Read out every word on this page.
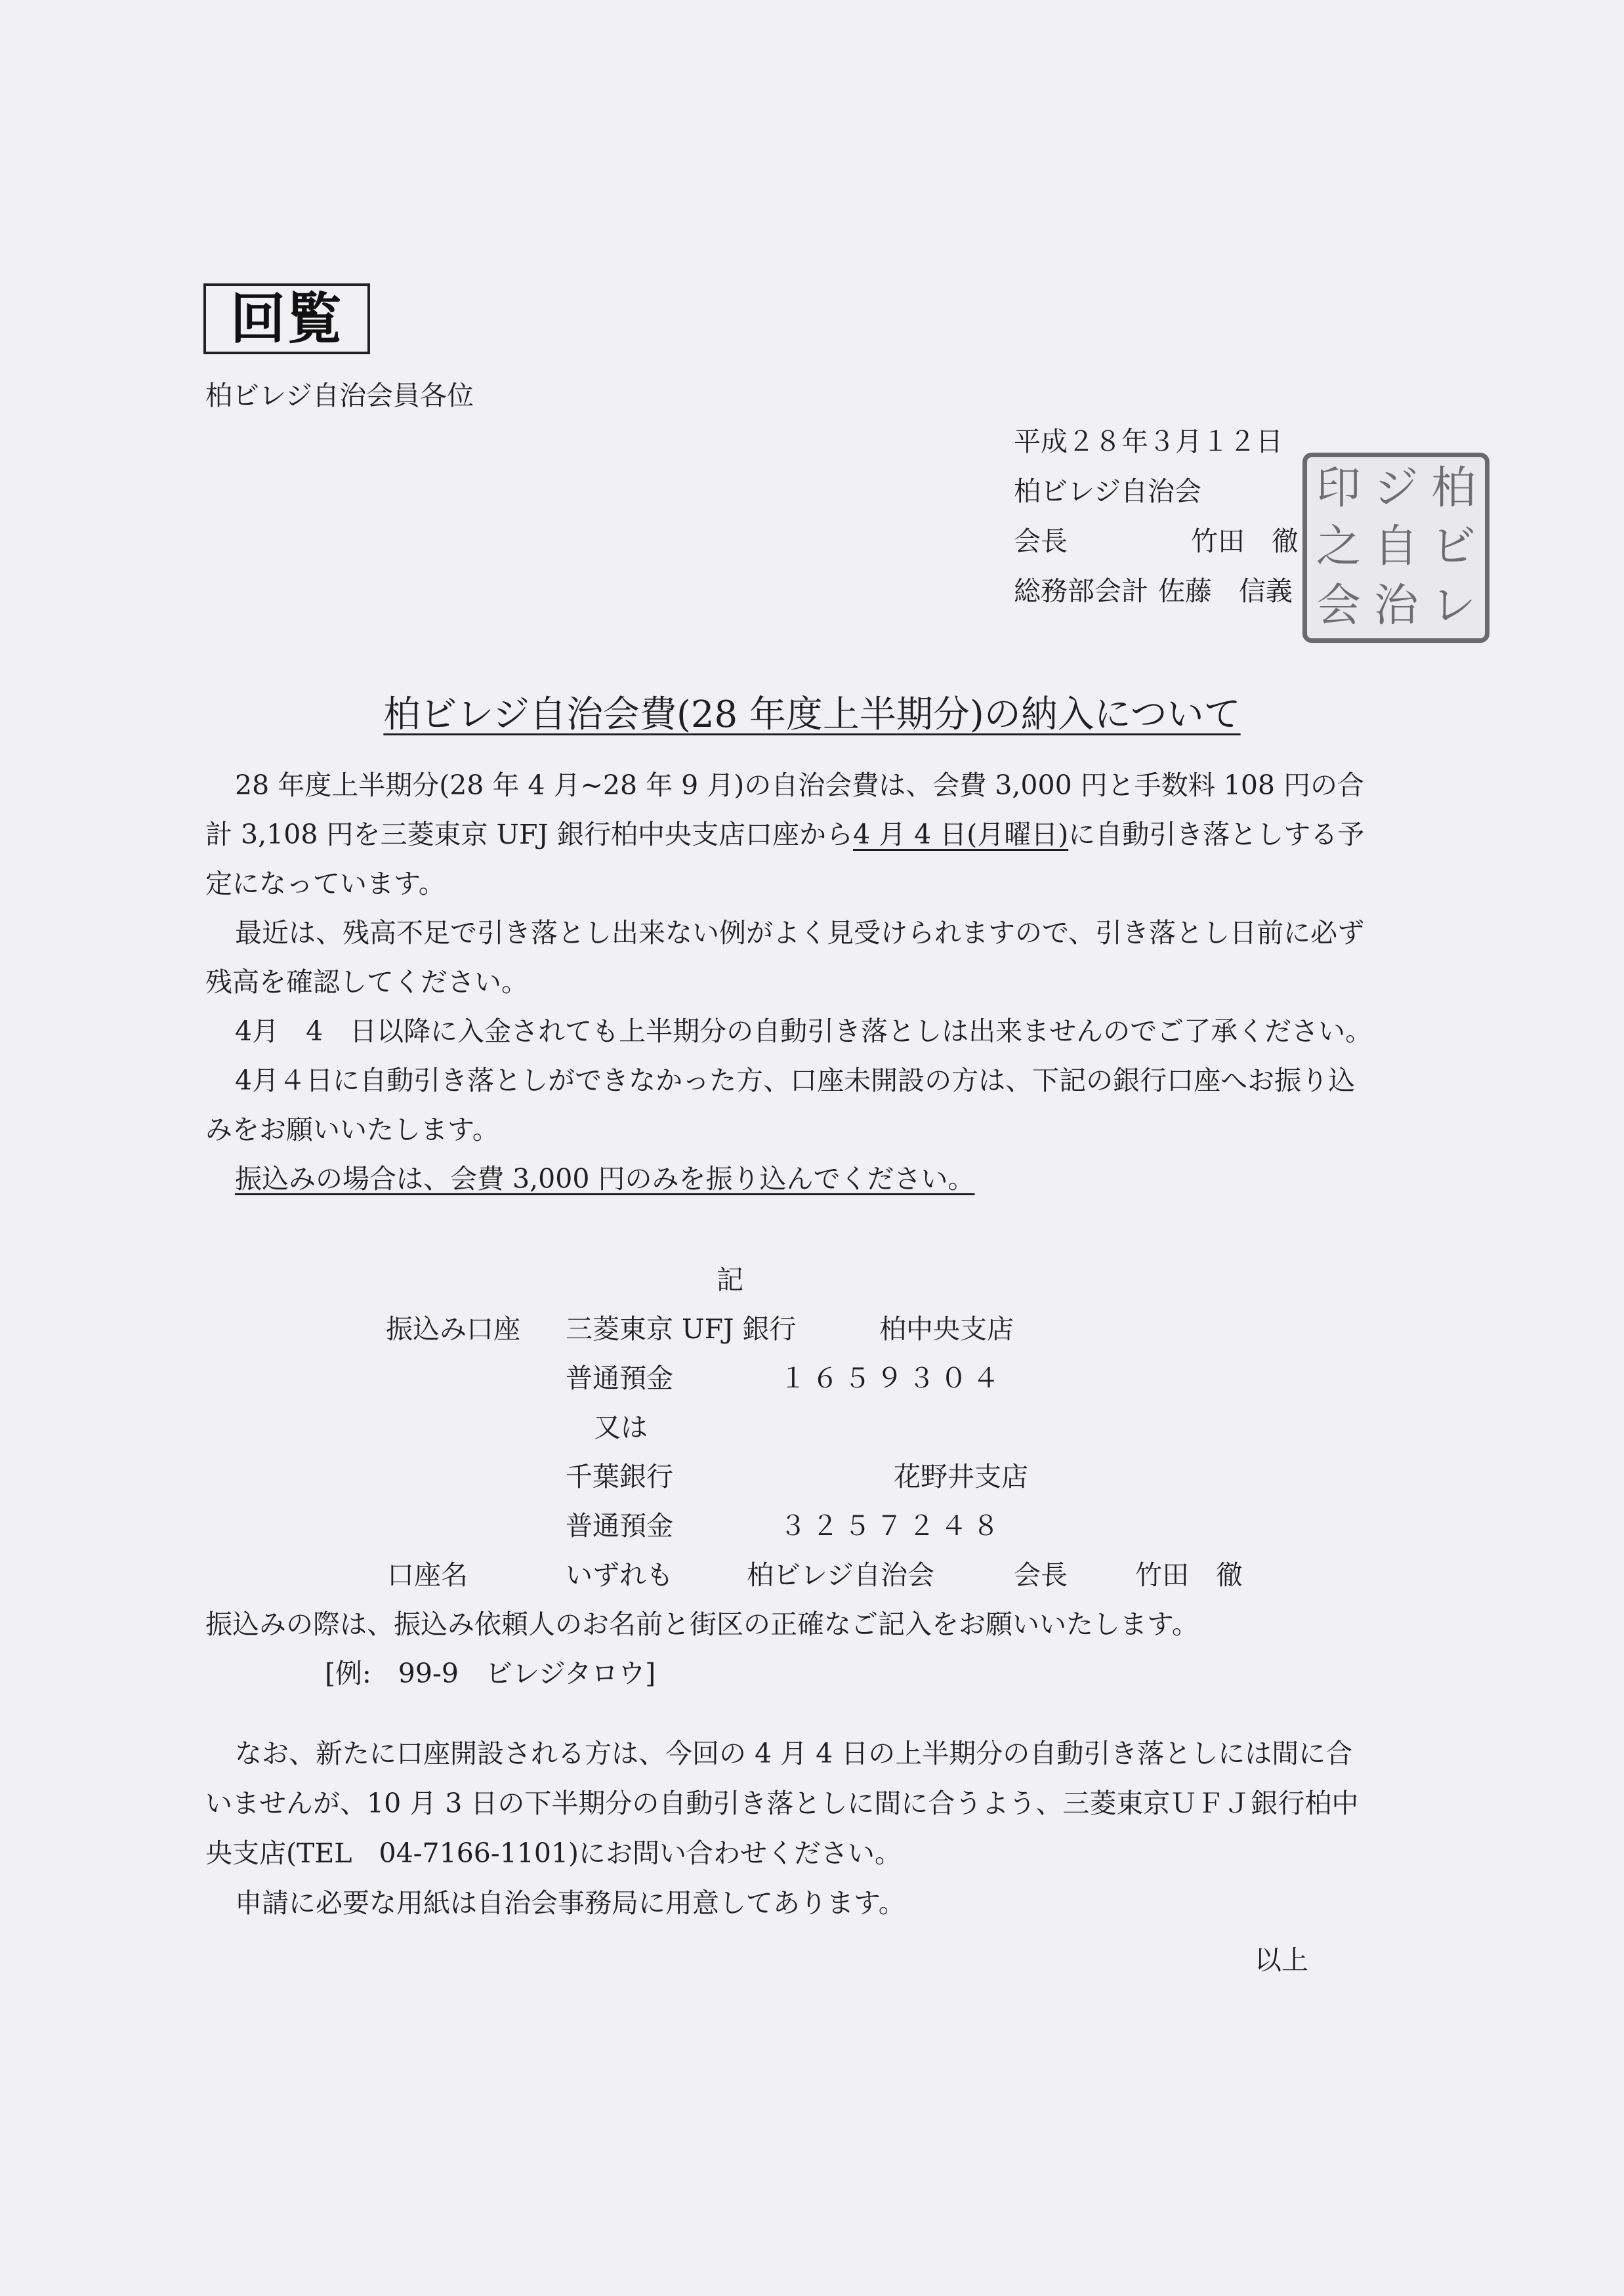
回覧
柏ビレジ自治会員各位
平成２８年３月１２日
柏ビレジ自治会
会長	竹田　徹
総務部会計 佐藤　信義
印 ジ 柏
之 自 ビ
会 治 レ
柏ビレジ自治会費(28 年度上半期分)の納入について

28 年度上半期分(28 年 4 月~28 年 9 月)の自治会費は、会費 3,000 円と手数料 108 円の合計 3,108 円を三菱東京 UFJ 銀行柏中央支店口座から4 月 4 日(月曜日)に自動引き落としする予定になっています。

最近は、残高不足で引き落とし出来ない例がよく見受けられますので、引き落とし日前に必ず残高を確認してください。

4月　4　日以降に入金されても上半期分の自動引き落としは出来ませんのでご了承ください。

4月４日に自動引き落としができなかった方、口座未開設の方は、下記の銀行口座へお振り込みをお願いいたします。

振込みの場合は、会費 3,000 円のみを振り込んでください。

記
振込み口座 三菱東京 UFJ 銀行	柏中央支店
普通預金	１６５９３０４
又は
千葉銀行	花野井支店
普通預金	３２５７２４８
口座名	いずれも	柏ビレジ自治会	会長	竹田　徹
振込みの際は、振込み依頼人のお名前と街区の正確なご記入をお願いいたします。
[例:　99-9　ビレジタロウ]

なお、新たに口座開設される方は、今回の 4 月 4 日の上半期分の自動引き落としには間に合いませんが、10 月 3 日の下半期分の自動引き落としに間に合うよう、三菱東京ＵＦＪ銀行柏中央支店(TEL　04-7166-1101)にお問い合わせください。

申請に必要な用紙は自治会事務局に用意してあります。

以上
